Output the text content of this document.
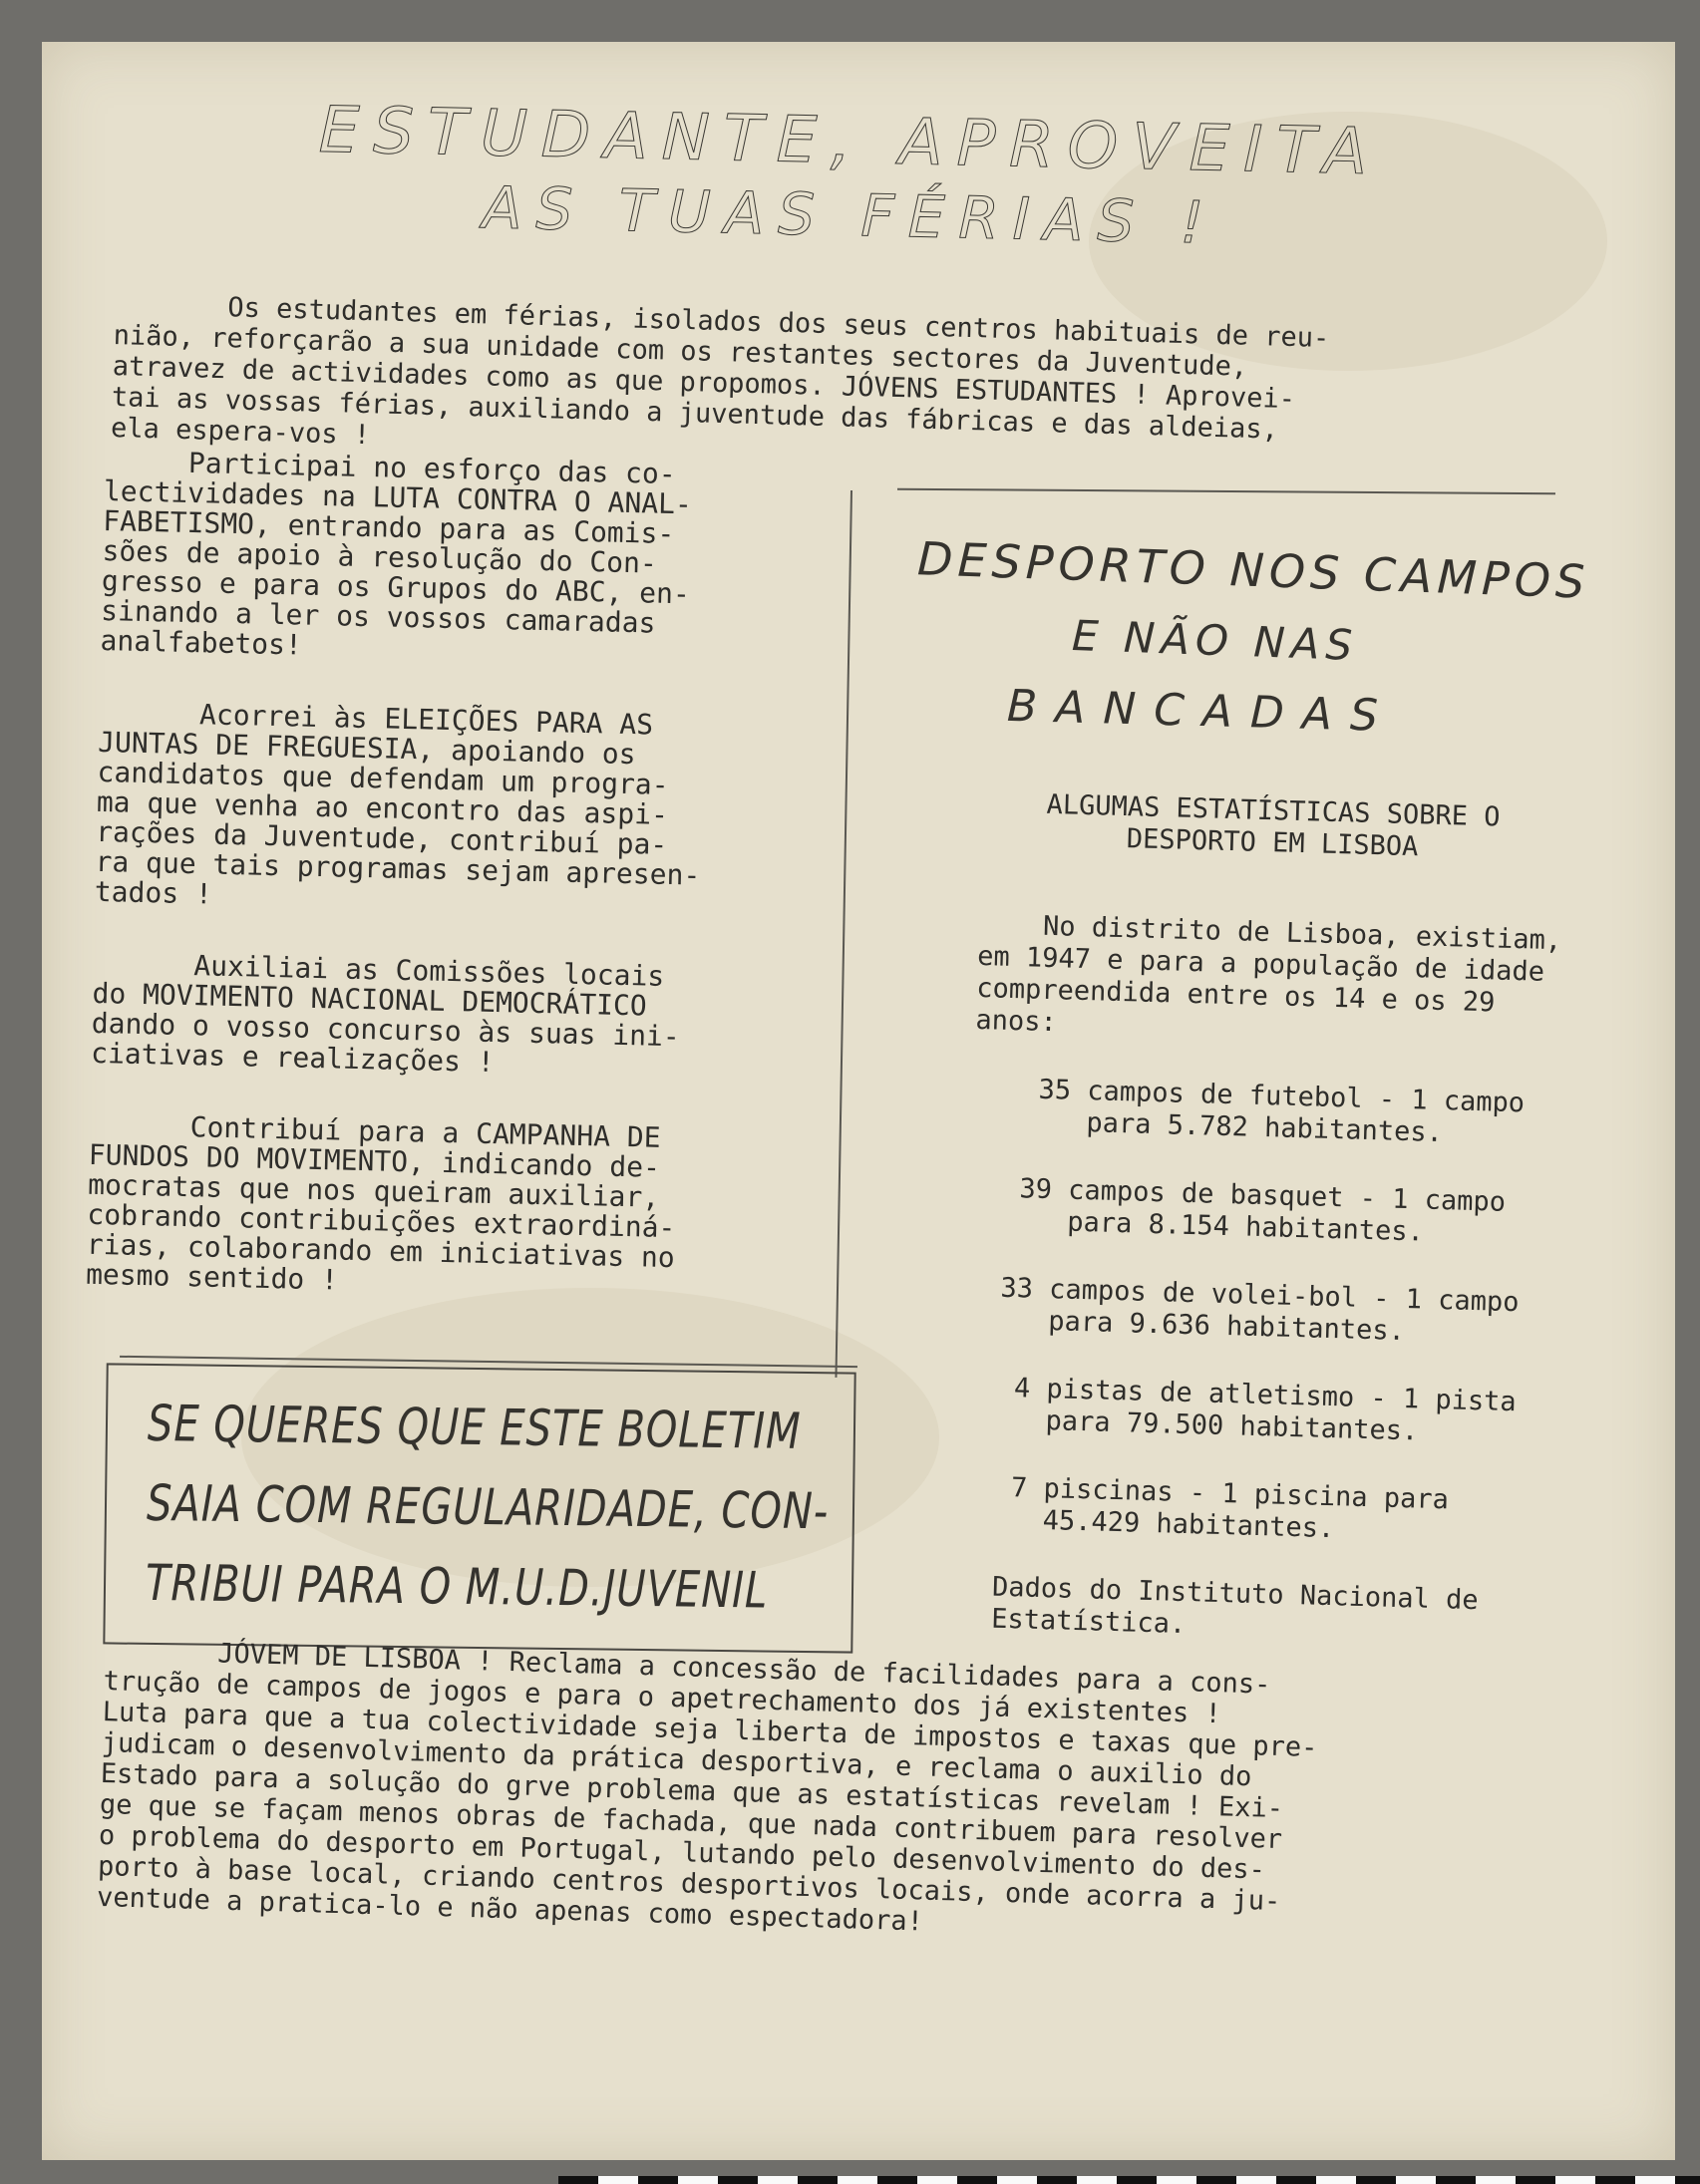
ESTUDANTE, APROVEITA
AS TUAS FÉRIAS !
Os estudantes em férias, isolados dos seus centros habituais de reu-
nião, reforçarão a sua unidade com os restantes sectores da Juventude,
atravez de actividades como as que propomos. JÓVENS ESTUDANTES ! Aprovei-
tai as vossas férias, auxiliando a juventude das fábricas e das aldeias,
ela espera-vos !
Participai no esforço das co-
lectividades na LUTA CONTRA O ANAL-
FABETISMO, entrando para as Comis-
sões de apoio à resolução do Con-
gresso e para os Grupos do ABC, en-
sinando a ler os vossos camaradas
analfabetos!
Acorrei às ELEIÇÕES PARA AS
JUNTAS DE FREGUESIA, apoiando os
candidatos que defendam um progra-
ma que venha ao encontro das aspi-
rações da Juventude, contribuí pa-
ra que tais programas sejam apresen-
tados !
Auxiliai as Comissões locais
do MOVIMENTO NACIONAL DEMOCRÁTICO
dando o vosso concurso às suas ini-
ciativas e realizações !
Contribuí para a CAMPANHA DE
FUNDOS DO MOVIMENTO, indicando de-
mocratas que nos queiram auxiliar,
cobrando contribuições extraordiná-
rias, colaborando em iniciativas no
mesmo sentido !
DESPORTO NOS CAMPOS
E NÃO NAS
BANCADAS
ALGUMAS ESTATÍSTICAS SOBRE O
DESPORTO EM LISBOA
No distrito de Lisboa, existiam,
em 1947 e para a população de idade
compreendida entre os 14 e os 29
anos:
35 campos de futebol - 1 campo
para 5.782 habitantes.
39 campos de basquet - 1 campo
para 8.154 habitantes.
33 campos de volei-bol - 1 campo
para 9.636 habitantes.
4 pistas de atletismo - 1 pista
para 79.500 habitantes.
7 piscinas - 1 piscina para
45.429 habitantes.
Dados do Instituto Nacional de
Estatística.
SE QUERES QUE ESTE BOLETIM
SAIA COM REGULARIDADE, CON-
TRIBUI PARA O M.U.D.JUVENIL
JÓVEM DE LISBOA ! Reclama a concessão de facilidades para a cons-
trução de campos de jogos e para o apetrechamento dos já existentes !
Luta para que a tua colectividade seja liberta de impostos e taxas que pre-
judicam o desenvolvimento da prática desportiva, e reclama o auxilio do
Estado para a solução do grve problema que as estatísticas revelam ! Exi-
ge que se façam menos obras de fachada, que nada contribuem para resolver
o problema do desporto em Portugal, lutando pelo desenvolvimento do des-
porto à base local, criando centros desportivos locais, onde acorra a ju-
ventude a pratica-lo e não apenas como espectadora!
